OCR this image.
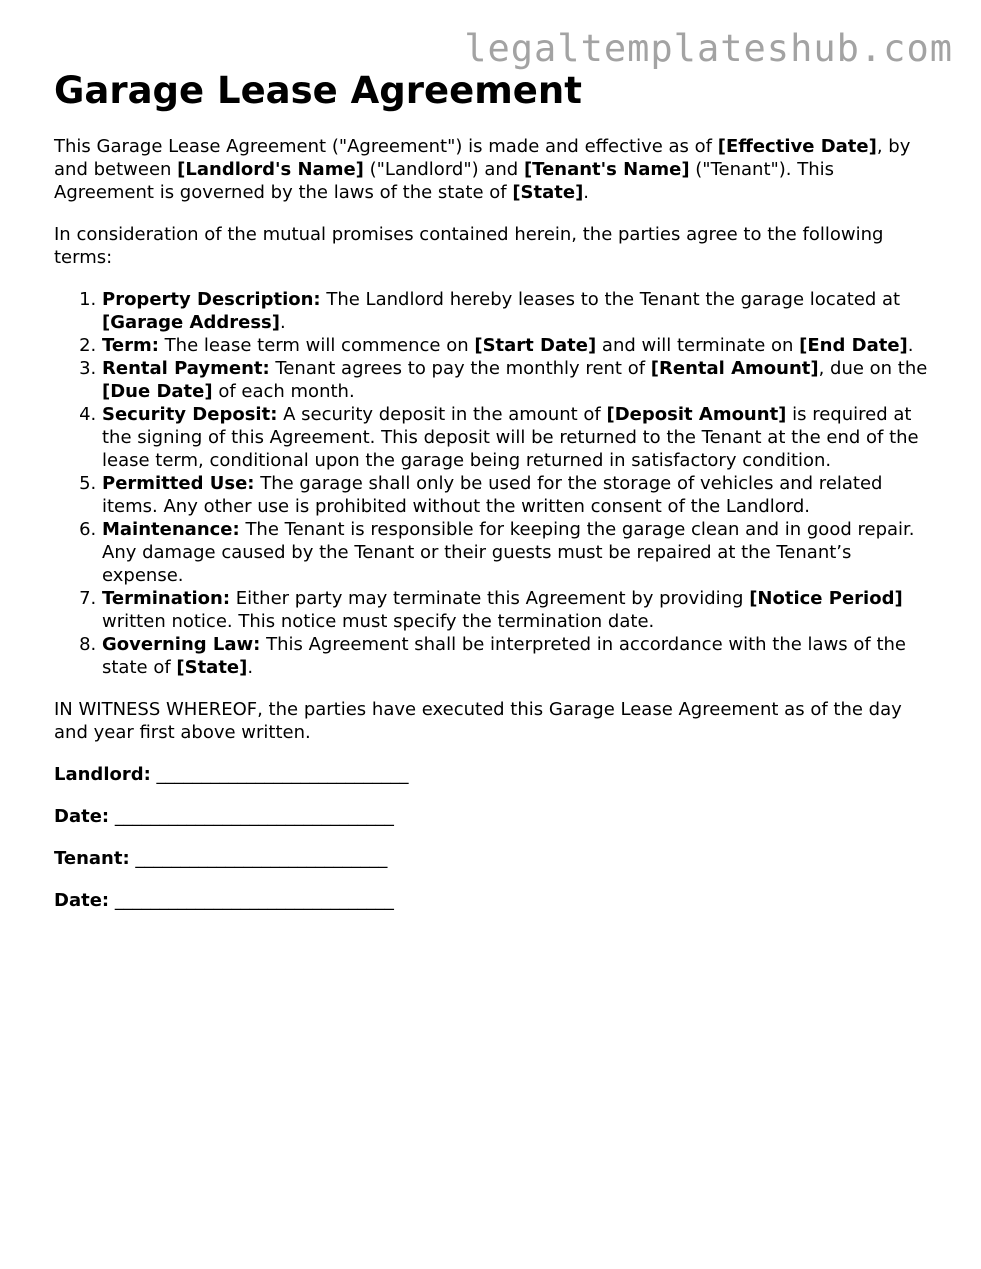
legaltemplateshub.com
Garage Lease Agreement

This Garage Lease Agreement ("Agreement") is made and effective as of [Effective Date], by and between [Landlord's Name] ("Landlord") and [Tenant's Name] ("Tenant"). This Agreement is governed by the laws of the state of [State].

In consideration of the mutual promises contained herein, the parties agree to the following terms:

1. Property Description: The Landlord hereby leases to the Tenant the garage located at [Garage Address].
2. Term: The lease term will commence on [Start Date] and will terminate on [End Date].
3. Rental Payment: Tenant agrees to pay the monthly rent of [Rental Amount], due on the [Due Date] of each month.
4. Security Deposit: A security deposit in the amount of [Deposit Amount] is required at the signing of this Agreement. This deposit will be returned to the Tenant at the end of the lease term, conditional upon the garage being returned in satisfactory condition.
5. Permitted Use: The garage shall only be used for the storage of vehicles and related items. Any other use is prohibited without the written consent of the Landlord.
6. Maintenance: The Tenant is responsible for keeping the garage clean and in good repair. Any damage caused by the Tenant or their guests must be repaired at the Tenant’s expense.
7. Termination: Either party may terminate this Agreement by providing [Notice Period] written notice. This notice must specify the termination date.
8. Governing Law: This Agreement shall be interpreted in accordance with the laws of the state of [State].

IN WITNESS WHEREOF, the parties have executed this Garage Lease Agreement as of the day and year first above written.

Landlord: ____________________________
Date: _______________________________
Tenant: ____________________________
Date: _______________________________
